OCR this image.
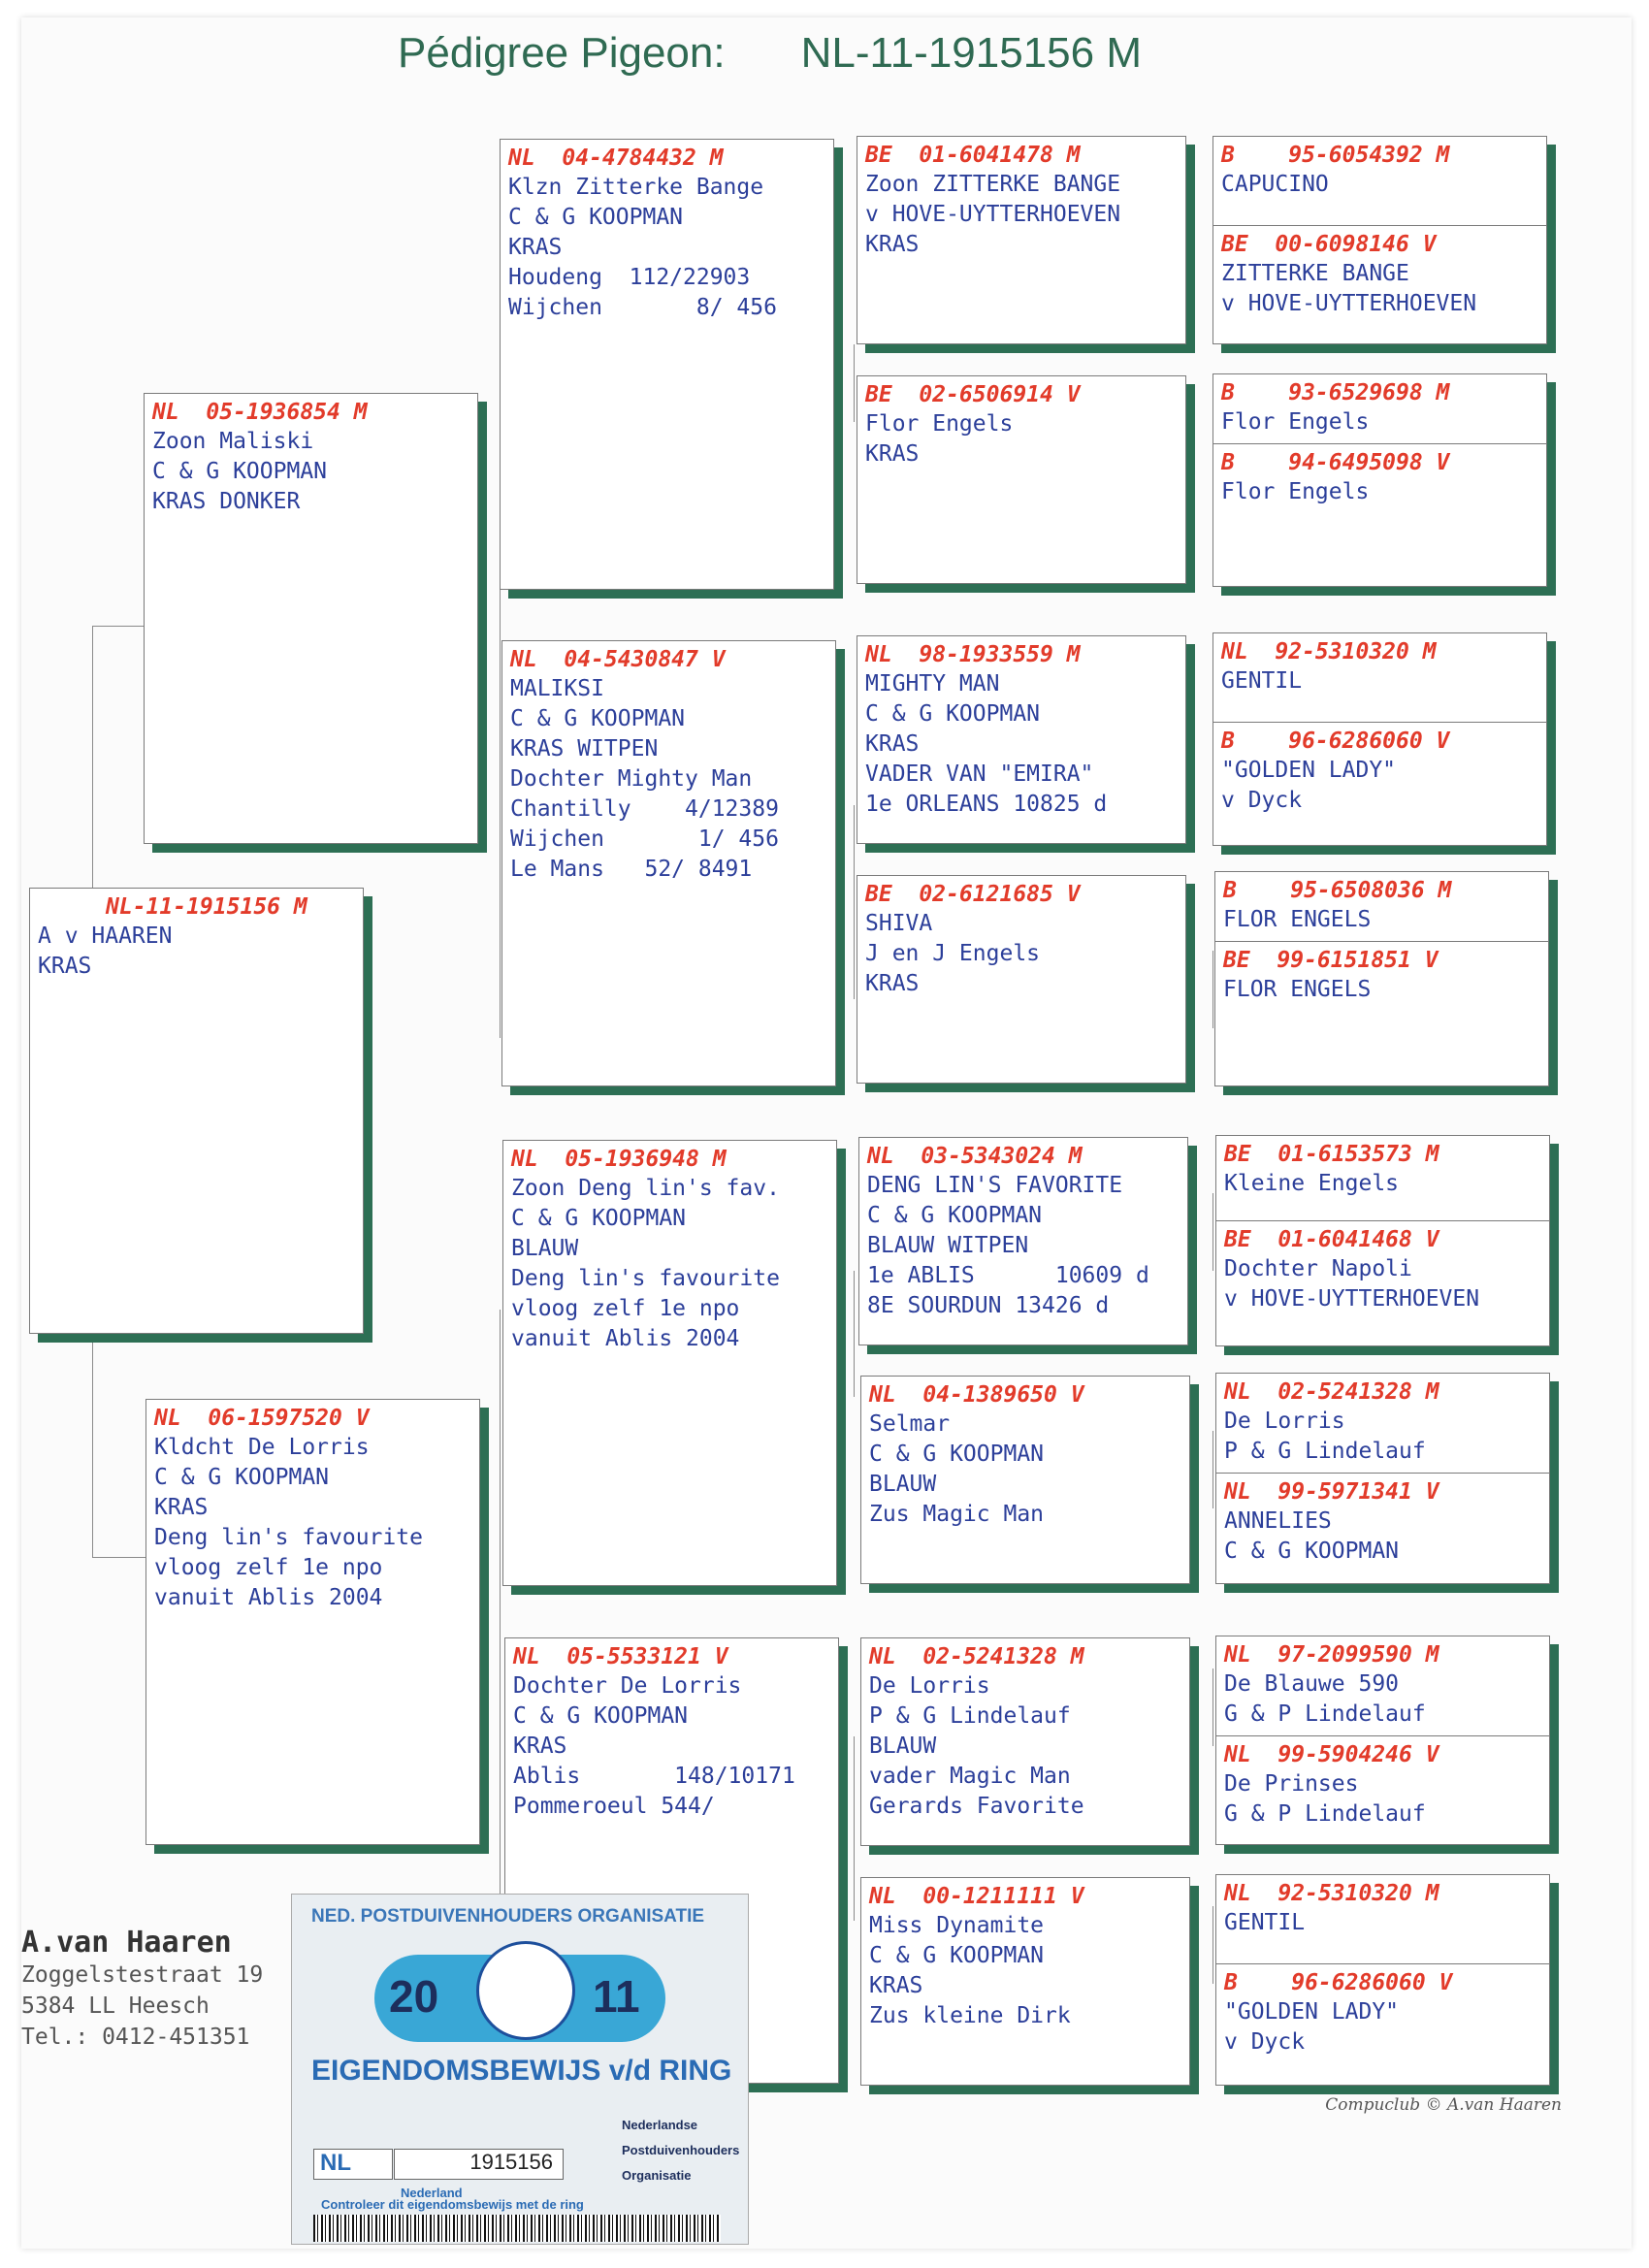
Pédigree Pigeon: NL-11-1915156 M
NL-11-1915156 M
A v HAAREN
KRAS
NL  05-1936854 M
Zoon Maliski
C & G KOOPMAN
KRAS DONKER
NL  06-1597520 V
Kldcht De Lorris
C & G KOOPMAN
KRAS
Deng lin's favourite
vloog zelf 1e npo
vanuit Ablis 2004
NL  04-4784432 M
Klzn Zitterke Bange
C & G KOOPMAN
KRAS
Houdeng  112/22903
Wijchen       8/ 456
NL  04-5430847 V
MALIKSI
C & G KOOPMAN
KRAS WITPEN
Dochter Mighty Man
Chantilly    4/12389
Wijchen       1/ 456
Le Mans   52/ 8491
NL  05-1936948 M
Zoon Deng lin's fav.
C & G KOOPMAN
BLAUW
Deng lin's favourite
vloog zelf 1e npo
vanuit Ablis 2004
NL  05-5533121 V
Dochter De Lorris
C & G KOOPMAN
KRAS
Ablis       148/10171
Pommeroeul 544/
BE  01-6041478 M
Zoon ZITTERKE BANGE
v HOVE-UYTTERHOEVEN
KRAS
BE  02-6506914 V
Flor Engels
KRAS
NL  98-1933559 M
MIGHTY MAN
C & G KOOPMAN
KRAS
VADER VAN "EMIRA"
1e ORLEANS 10825 d
BE  02-6121685 V
SHIVA
J en J Engels
KRAS
NL  03-5343024 M
DENG LIN'S FAVORITE
C & G KOOPMAN
BLAUW WITPEN
1e ABLIS      10609 d
8E SOURDUN 13426 d
NL  04-1389650 V
Selmar
C & G KOOPMAN
BLAUW
Zus Magic Man
NL  02-5241328 M
De Lorris
P & G Lindelauf
BLAUW
vader Magic Man
Gerards Favorite
NL  00-1211111 V
Miss Dynamite
C & G KOOPMAN
KRAS
Zus kleine Dirk
B    95-6054392 M
CAPUCINO
BE  00-6098146 V
ZITTERKE BANGE
v HOVE-UYTTERHOEVEN
B    93-6529698 M
Flor Engels
B    94-6495098 V
Flor Engels
NL  92-5310320 M
GENTIL
B    96-6286060 V
"GOLDEN LADY"
v Dyck
B    95-6508036 M
FLOR ENGELS
BE  99-6151851 V
FLOR ENGELS
BE  01-6153573 M
Kleine Engels
BE  01-6041468 V
Dochter Napoli
v HOVE-UYTTERHOEVEN
NL  02-5241328 M
De Lorris
P & G Lindelauf
NL  99-5971341 V
ANNELIES
C & G KOOPMAN
NL  97-2099590 M
De Blauwe 590
G & P Lindelauf
NL  99-5904246 V
De Prinses
G & P Lindelauf
NL  92-5310320 M
GENTIL
B    96-6286060 V
"GOLDEN LADY"
v Dyck
A.van Haaren
Zoggelstestraat 19
5384 LL Heesch
Tel.: 0412-451351
NED. POSTDUIVENHOUDERS ORGANISATIE
20	11
EIGENDOMSBEWIJS v/d RING
NL	1915156
Nederlandse
Postduivenhouders
Organisatie
Nederland
Controleer dit eigendomsbewijs met de ring
Compuclub © A.van Haaren
